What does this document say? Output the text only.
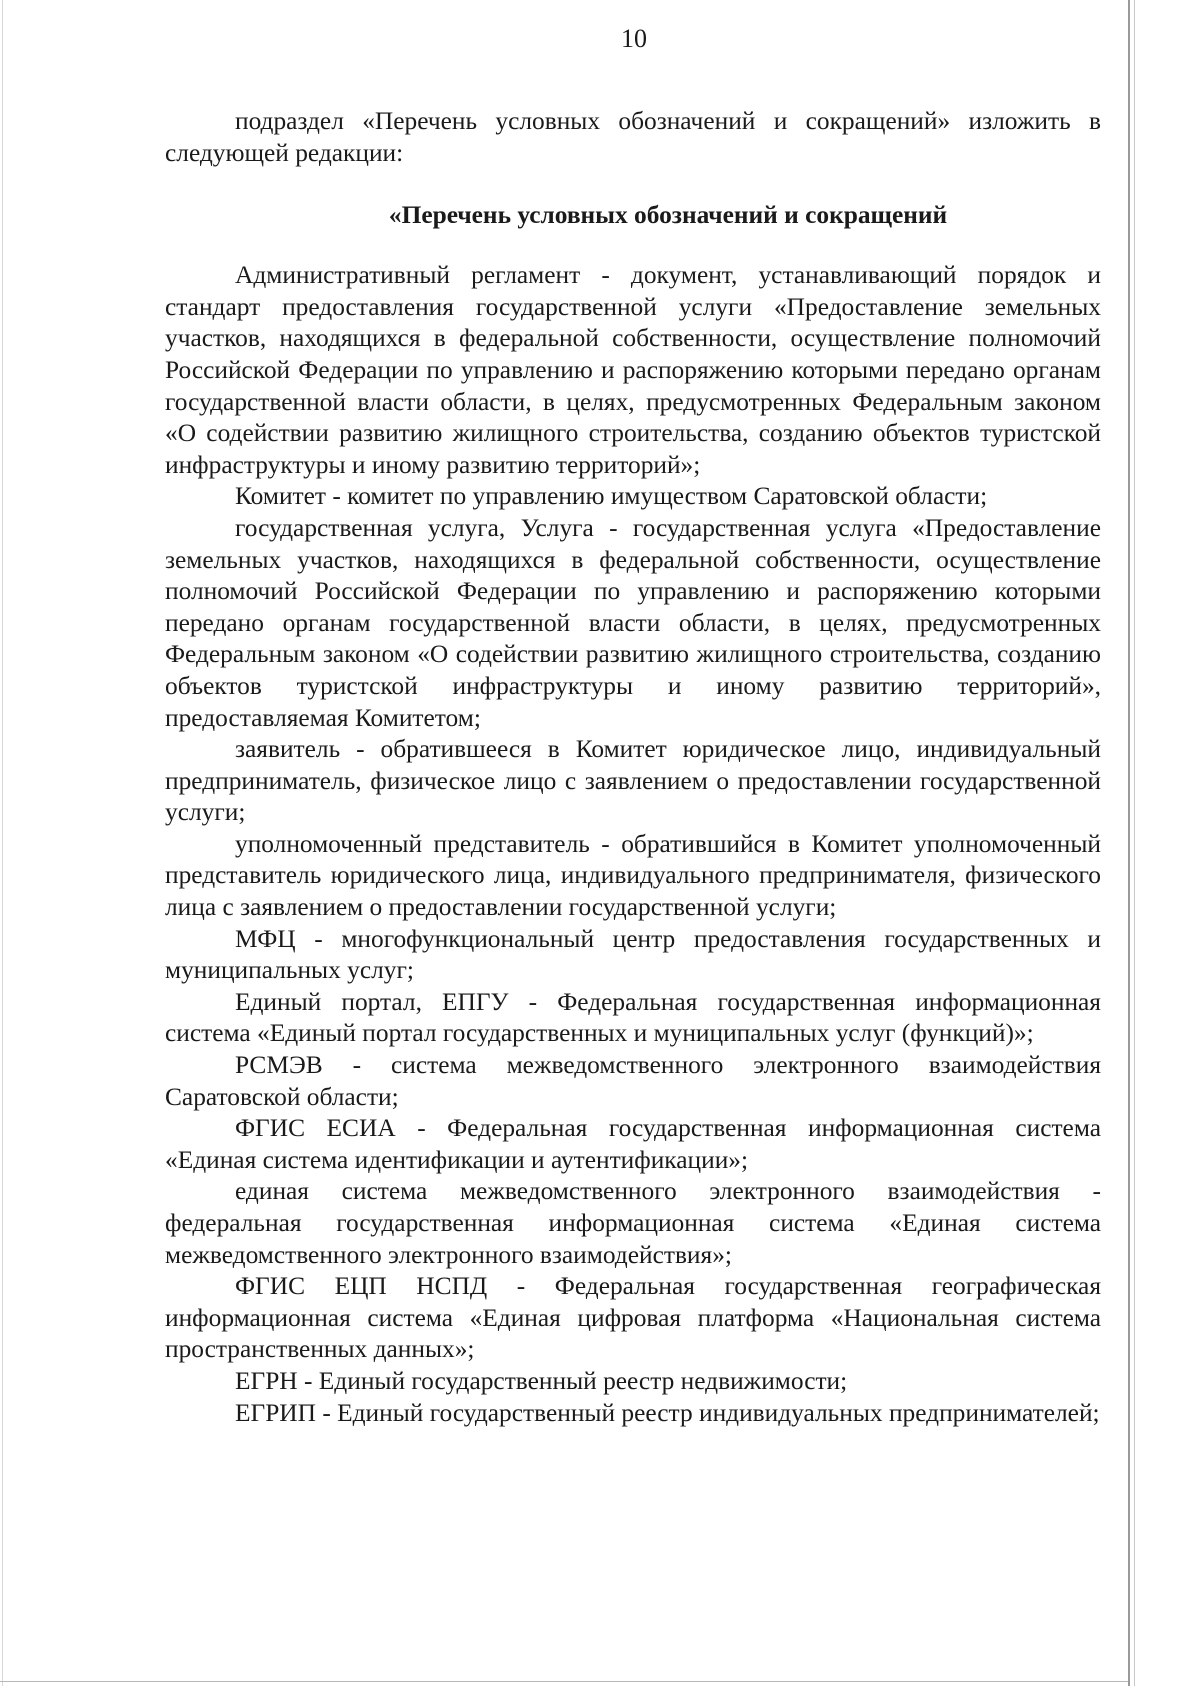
10

подраздел «Перечень условных обозначений и сокращений» изложить в следующей редакции:

«Перечень условных обозначений и сокращений

Административный регламент - документ, устанавливающий порядок и стандарт предоставления государственной услуги «Предоставление земельных участков, находящихся в федеральной собственности, осуществление полномочий Российской Федерации по управлению и распоряжению которыми передано органам государственной власти области, в целях, предусмотренных Федеральным законом «О содействии развитию жилищного строительства, созданию объектов туристской инфраструктуры и иному развитию территорий»;

Комитет - комитет по управлению имуществом Саратовской области;

государственная услуга, Услуга - государственная услуга «Предоставление земельных участков, находящихся в федеральной собственности, осуществление полномочий Российской Федерации по управлению и распоряжению которыми передано органам государственной власти области, в целях, предусмотренных Федеральным законом «О содействии развитию жилищного строительства, созданию объектов туристской инфраструктуры и иному развитию территорий», предоставляемая Комитетом;

заявитель - обратившееся в Комитет юридическое лицо, индивидуальный предприниматель, физическое лицо с заявлением о предоставлении государственной услуги;

уполномоченный представитель - обратившийся в Комитет уполномоченный представитель юридического лица, индивидуального предпринимателя, физического лица с заявлением о предоставлении государственной услуги;

МФЦ - многофункциональный центр предоставления государственных и муниципальных услуг;

Единый портал, ЕПГУ - Федеральная государственная информационная система «Единый портал государственных и муниципальных услуг (функций)»;

РСМЭВ - система межведомственного электронного взаимодействия Саратовской области;

ФГИС ЕСИА - Федеральная государственная информационная система «Единая система идентификации и аутентификации»;

единая система межведомственного электронного взаимодействия - федеральная государственная информационная система «Единая система межведомственного электронного взаимодействия»;

ФГИС ЕЦП НСПД - Федеральная государственная географическая информационная система «Единая цифровая платформа «Национальная система пространственных данных»;

ЕГРН - Единый государственный реестр недвижимости;

ЕГРИП - Единый государственный реестр индивидуальных предпринимателей;
